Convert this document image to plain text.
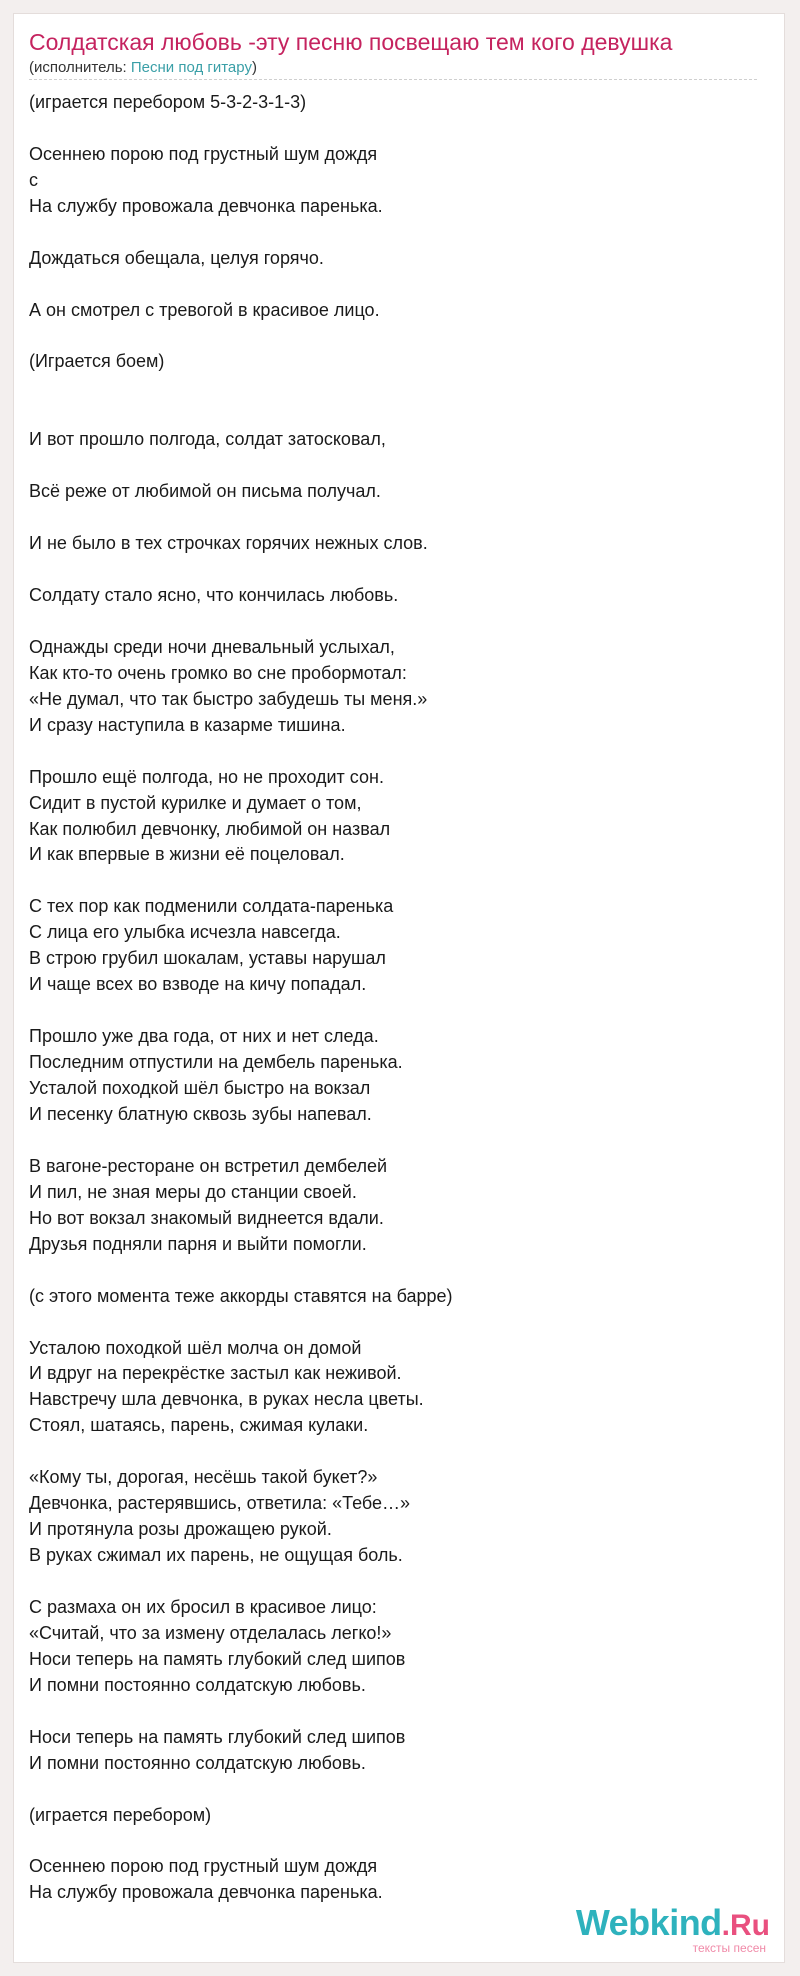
Солдатская любовь -эту песню посвещаю тем кого девушка

(исполнитель: Песни под гитару)

(играется перебором 5-3-2-3-1-3)
Осеннею порою под грустный шум дождя
с
На службу провожала девчонка паренька.
Дождаться обещала, целуя горячо.
А он смотрел с тревогой в красивое лицо.
(Играется боем)
И вот прошло полгода, солдат затосковал,
Всё реже от любимой он письма получал.
И не было в тех строчках горячих нежных слов.
Солдату стало ясно, что кончилась любовь.
Однажды среди ночи дневальный услыхал,
Как кто-то очень громко во сне пробормотал:
«Не думал, что так быстро забудешь ты меня.»
И сразу наступила в казарме тишина.
Прошло ещё полгода, но не проходит сон.
Сидит в пустой курилке и думает о том,
Как полюбил девчонку, любимой он назвал
И как впервые в жизни её поцеловал.
С тех пор как подменили солдата-паренька
С лица его улыбка исчезла навсегда.
В строю грубил шокалам, уставы нарушал
И чаще всех во взводе на кичу попадал.
Прошло уже два года, от них и нет следа.
Последним отпустили на дембель паренька.
Усталой походкой шёл быстро на вокзал
И песенку блатную сквозь зубы напевал.
В вагоне-ресторане он встретил дембелей
И пил, не зная меры до станции своей.
Но вот вокзал знакомый виднеется вдали.
Друзья подняли парня и выйти помогли.
(с этого момента теже аккорды ставятся на барре)
Усталою походкой шёл молча он домой
И вдруг на перекрёстке застыл как неживой.
Навстречу шла девчонка, в руках несла цветы.
Стоял, шатаясь, парень, сжимая кулаки.
«Кому ты, дорогая, несёшь такой букет?»
Девчонка, растерявшись, ответила: «Тебе…»
И протянула розы дрожащею рукой.
В руках сжимал их парень, не ощущая боль.
С размаха он их бросил в красивое лицо:
«Считай, что за измену отделалась легко!»
Носи теперь на память глубокий след шипов
И помни постоянно солдатскую любовь.
Носи теперь на память глубокий след шипов
И помни постоянно солдатскую любовь.
(играется перебором)
Осеннею порою под грустный шум дождя
На службу провожала девчонка паренька.
Webkind.Ru
тексты песен
